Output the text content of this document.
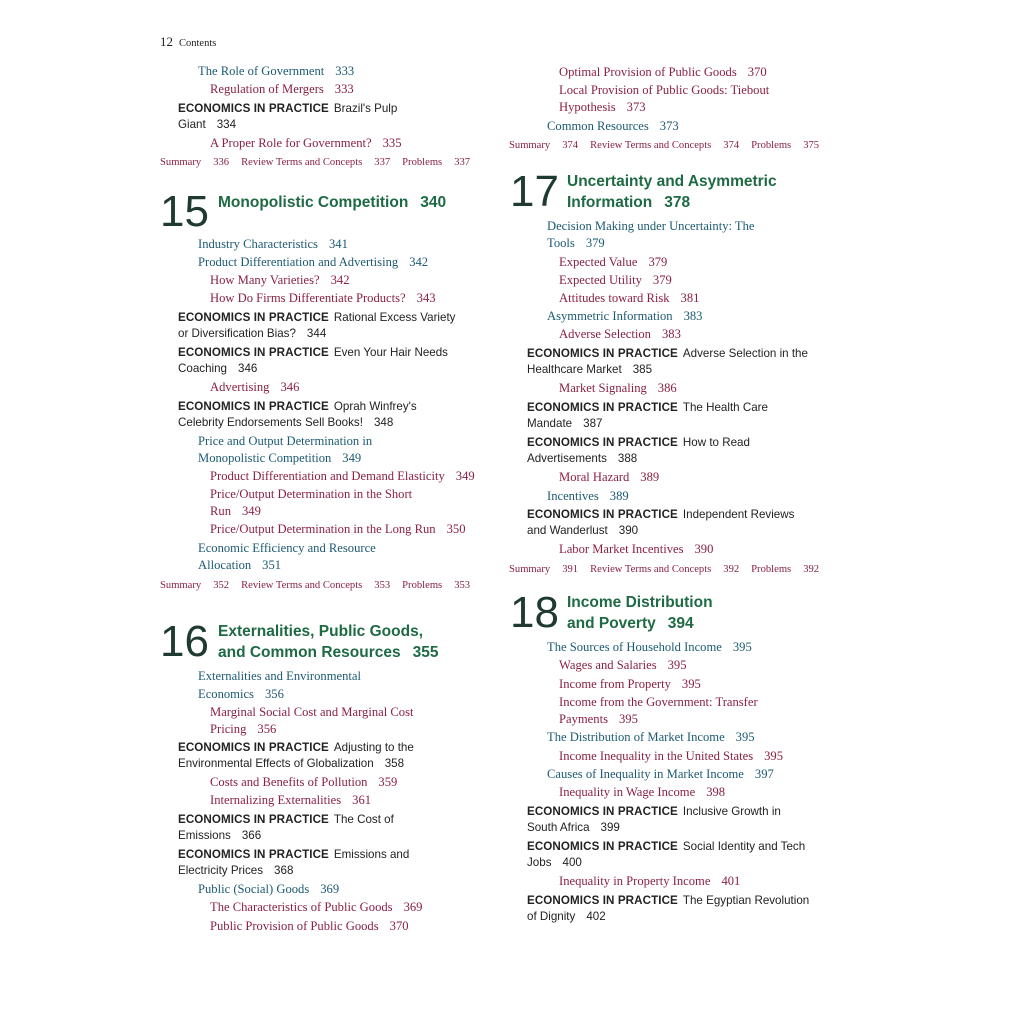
12 Contents
The Role of Government 333
Regulation of Mergers 333
ECONOMICS IN PRACTICE Brazil's Pulp
Giant 334
A Proper Role for Government? 335
Summary 336 Review Terms and Concepts 337 Problems 337
15 Monopolistic Competition 340
Industry Characteristics 341
Product Differentiation and Advertising 342
How Many Varieties? 342
How Do Firms Differentiate Products? 343
ECONOMICS IN PRACTICE Rational Excess Variety
or Diversification Bias? 344
ECONOMICS IN PRACTICE Even Your Hair Needs
Coaching 346
Advertising 346
ECONOMICS IN PRACTICE Oprah Winfrey's
Celebrity Endorsements Sell Books! 348
Price and Output Determination in
Monopolistic Competition 349
Product Differentiation and Demand Elasticity 349
Price/Output Determination in the Short
Run 349
Price/Output Determination in the Long Run 350
Economic Efficiency and Resource
Allocation 351
Summary 352 Review Terms and Concepts 353 Problems 353
16 Externalities, Public Goods,
and Common Resources 355
Externalities and Environmental
Economics 356
Marginal Social Cost and Marginal Cost
Pricing 356
ECONOMICS IN PRACTICE Adjusting to the
Environmental Effects of Globalization 358
Costs and Benefits of Pollution 359
Internalizing Externalities 361
ECONOMICS IN PRACTICE The Cost of
Emissions 366
ECONOMICS IN PRACTICE Emissions and
Electricity Prices 368
Public (Social) Goods 369
The Characteristics of Public Goods 369
Public Provision of Public Goods 370
Optimal Provision of Public Goods 370
Local Provision of Public Goods: Tiebout
Hypothesis 373
Common Resources 373
Summary 374 Review Terms and Concepts 374 Problems 375
17 Uncertainty and Asymmetric
Information 378
Decision Making under Uncertainty: The
Tools 379
Expected Value 379
Expected Utility 379
Attitudes toward Risk 381
Asymmetric Information 383
Adverse Selection 383
ECONOMICS IN PRACTICE Adverse Selection in the
Healthcare Market 385
Market Signaling 386
ECONOMICS IN PRACTICE The Health Care
Mandate 387
ECONOMICS IN PRACTICE How to Read
Advertisements 388
Moral Hazard 389
Incentives 389
ECONOMICS IN PRACTICE Independent Reviews
and Wanderlust 390
Labor Market Incentives 390
Summary 391 Review Terms and Concepts 392 Problems 392
18 Income Distribution
and Poverty 394
The Sources of Household Income 395
Wages and Salaries 395
Income from Property 395
Income from the Government: Transfer
Payments 395
The Distribution of Market Income 395
Income Inequality in the United States 395
Causes of Inequality in Market Income 397
Inequality in Wage Income 398
ECONOMICS IN PRACTICE Inclusive Growth in
South Africa 399
ECONOMICS IN PRACTICE Social Identity and Tech
Jobs 400
Inequality in Property Income 401
ECONOMICS IN PRACTICE The Egyptian Revolution
of Dignity 402
